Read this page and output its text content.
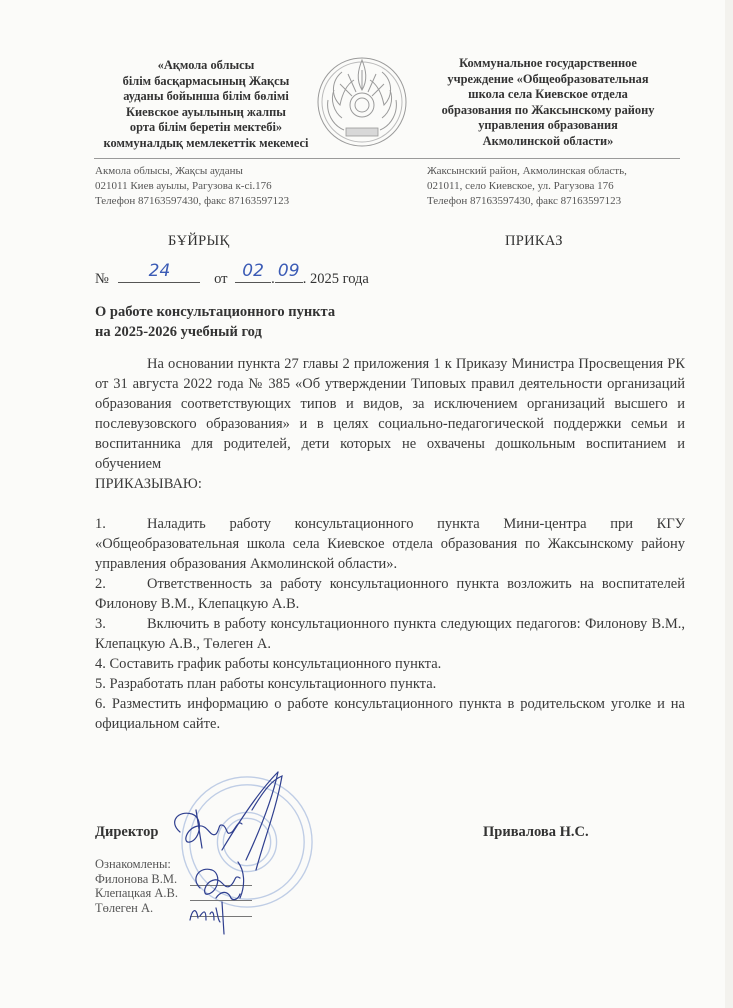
«Ақмола облысы
білім басқармасының Жақсы
ауданы бойынша білім бөлімі
Киевское ауылының жалпы
орта білім беретін мектебі»
коммуналдық мемлекеттік мекемесі
Коммунальное государственное
учреждение «Общеобразовательная
школа села Киевское отдела
образования по Жаксынскому району
управления образования
Акмолинской области»
Акмола облысы, Жақсы ауданы
021011 Киев ауылы, Рагузова к-сі.176
Телефон 87163597430, факс 87163597123
Жаксынский район, Акмолинская область,
021011, село Киевское, ул. Рагузова 176
Телефон 87163597430, факс 87163597123
БҰЙРЫҚ	ПРИКАЗ
№	24	от 02 . 09 . 2025 года
О работе консультационного пункта
на 2025-2026 учебный год
На основании пункта 27 главы 2 приложения 1 к Приказу Министра Просвещения РК от 31 августа 2022 года № 385 «Об утверждении Типовых правил деятельности организаций образования соответствующих типов и видов, за исключением организаций высшего и послевузовского образования» и в целях социально-педагогической поддержки семьи и воспитанника для родителей, дети которых не охвачены дошкольным воспитанием и обучением
ПРИКАЗЫВАЮ:
1.	Наладить работу консультационного пункта Мини-центра при КГУ «Общеобразовательная школа села Киевское отдела образования по Жаксынскому району управления образования Акмолинской области».
2.	Ответственность за работу консультационного пункта возложить на воспитателей Филонову В.М., Клепацкую А.В.
3.	Включить в работу консультационного пункта следующих педагогов: Филонову В.М., Клепацкую А.В., Төлеген А.
4. Составить график работы консультационного пункта.
5. Разработать план работы консультационного пункта.
6. Разместить информацию о работе консультационного пункта в родительском уголке и на официальном сайте.
Директор	Привалова Н.С.
Ознакомлены:
Филонова В.М.
Клепацкая А.В.
Төлеген А.
